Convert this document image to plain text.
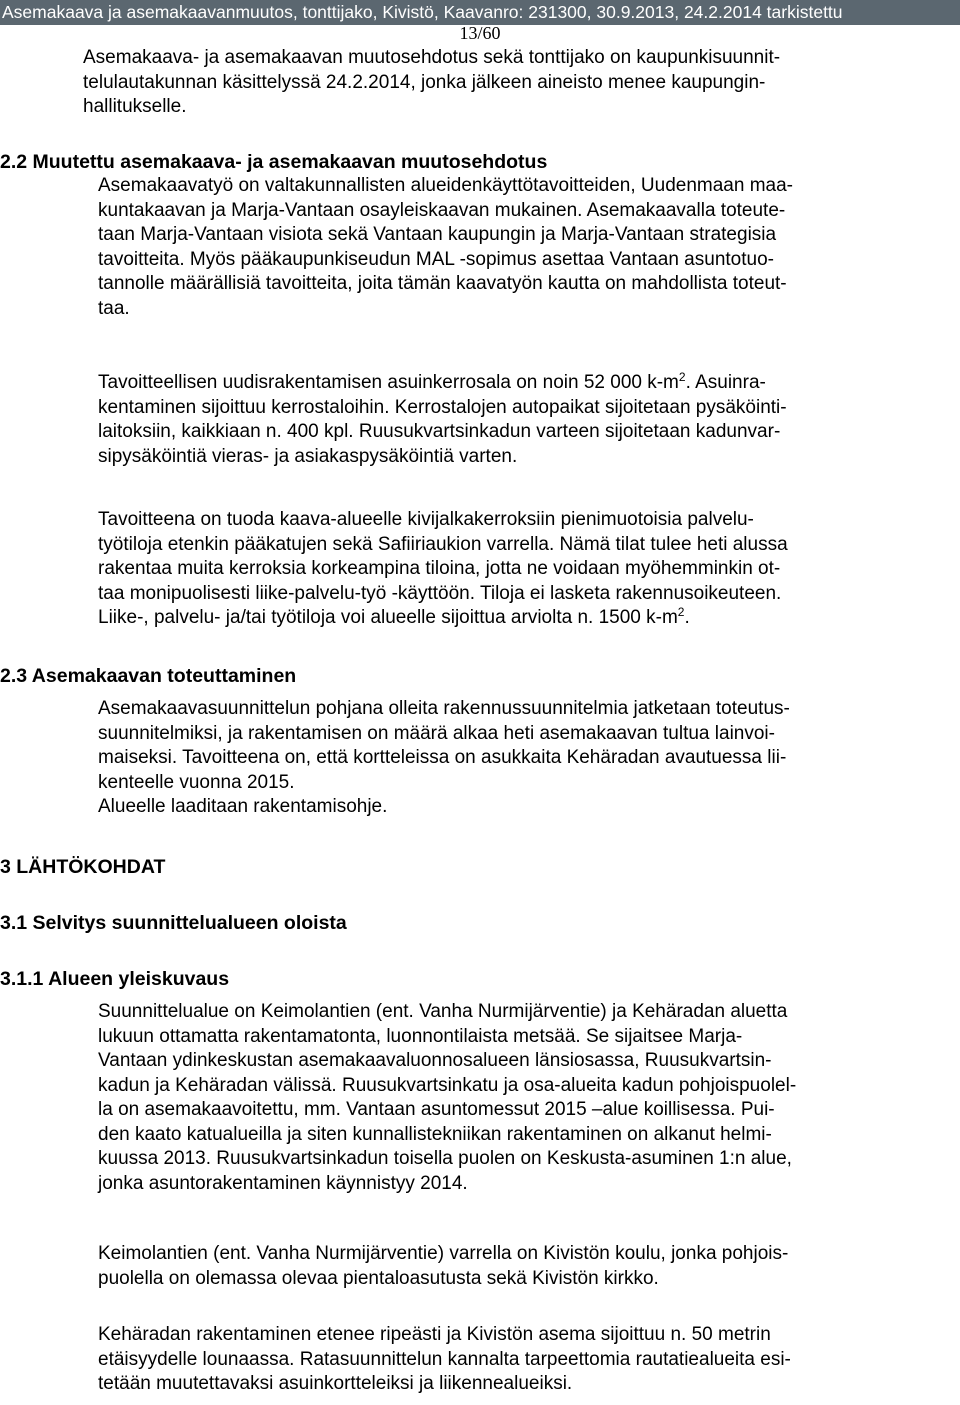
Asemakaava ja asemakaavanmuutos, tonttijako, Kivistö, Kaavanro: 231300, 30.9.2013, 24.2.2014 tarkistettu
13/60
Asemakaava- ja asemakaavan muutosehdotus sekä tonttijako on kaupunkisuunnit-
telulautakunnan käsittelyssä 24.2.2014, jonka jälkeen aineisto menee kaupungin-
hallitukselle.
2.2 Muutettu asemakaava- ja asemakaavan muutosehdotus
Asemakaavatyö on valtakunnallisten alueidenkäyttötavoitteiden, Uudenmaan maa-
kuntakaavan ja Marja-Vantaan osayleiskaavan mukainen. Asemakaavalla toteute-
taan Marja-Vantaan visiota sekä Vantaan kaupungin ja Marja-Vantaan strategisia
tavoitteita. Myös pääkaupunkiseudun MAL -sopimus asettaa Vantaan asuntotuo-
tannolle määrällisiä tavoitteita, joita tämän kaavatyön kautta on mahdollista toteut-
taa.
Tavoitteellisen uudisrakentamisen asuinkerrosala on noin 52 000 $k-m^2$. Asuinra-
kentaminen sijoittuu kerrostaloihin. Kerrostalojen autopaikat sijoitetaan pysäköinti-
laitoksiin, kaikkiaan n. 400 kpl. Ruusukvartsinkadun varteen sijoitetaan kadunvar-
sipysäköintiä vieras- ja asiakaspysäköintiä varten.
Tavoitteena on tuoda kaava-alueelle kivijalkakerroksiin pienimuotoisia palvelu-
työtiloja etenkin pääkatujen sekä Safiiriaukion varrella. Nämä tilat tulee heti alussa
rakentaa muita kerroksia korkeampina tiloina, jotta ne voidaan myöhemminkin ot-
taa monipuolisesti liike-palvelu-työ -käyttöön. Tiloja ei lasketa rakennusoikeuteen.
Liike-, palvelu- ja/tai työtiloja voi alueelle sijoittua arviolta n. 1500 $k-m^2$.
2.3 Asemakaavan toteuttaminen
Asemakaavasuunnittelun pohjana olleita rakennussuunnitelmia jatketaan toteutus-
suunnitelmiksi, ja rakentamisen on määrä alkaa heti asemakaavan tultua lainvoi-
maiseksi. Tavoitteena on, että kortteleissa on asukkaita Kehäradan avautuessa lii-
kenteelle vuonna 2015.
Alueelle laaditaan rakentamisohje.
3 LÄHTÖKOHDAT
3.1 Selvitys suunnittelualueen oloista
3.1.1 Alueen yleiskuvaus
Suunnittelualue on Keimolantien (ent. Vanha Nurmijärventie) ja Kehäradan aluetta
lukuun ottamatta rakentamatonta, luonnontilaista metsää. Se sijaitsee Marja-
Vantaan ydinkeskustan asemakaavaluonnosalueen länsiosassa, Ruusukvartsin-
kadun ja Kehäradan välissä. Ruusukvartsinkatu ja osa-alueita kadun pohjoispuolel-
la on asemakaavoitettu, mm. Vantaan asuntomessut 2015 –alue koillisessa. Pui-
den kaato katualueilla ja siten kunnallistekniikan rakentaminen on alkanut helmi-
kuussa 2013. Ruusukvartsinkadun toisella puolen on Keskusta-asuminen 1:n alue,
jonka asuntorakentaminen käynnistyy 2014.
Keimolantien (ent. Vanha Nurmijärventie) varrella on Kivistön koulu, jonka pohjois-
puolella on olemassa olevaa pientaloasutusta sekä Kivistön kirkko.
Kehäradan rakentaminen etenee ripeästi ja Kivistön asema sijoittuu n. 50 metrin
etäisyydelle lounaassa. Ratasuunnittelun kannalta tarpeettomia rautatiealueita esi-
tetään muutettavaksi asuinkortteleiksi ja liikennealueiksi.
